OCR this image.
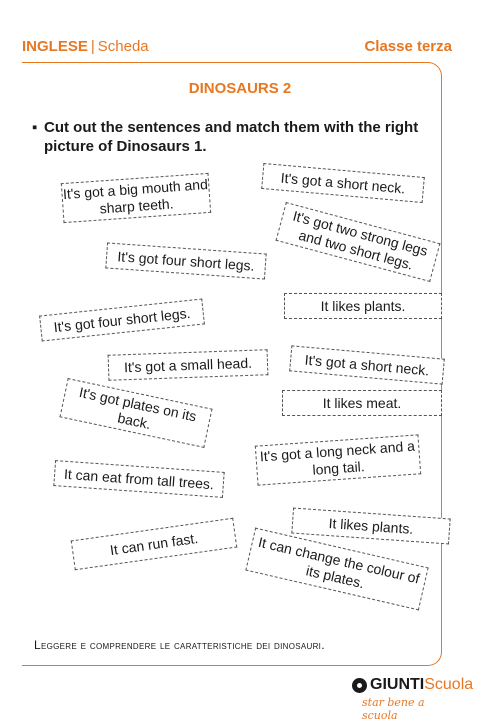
INGLESE | Scheda	Classe terza
DINOSAURS 2
▪ Cut out the sentences and match them with the right picture of Dinosaurs 1.
It's got a big mouth and sharp teeth.
It's got a short neck.
It's got two strong legs and two short legs.
It's got four short legs.
It likes plants.
It's got four short legs.
It's got a small head.	It's got a short neck.
It likes meat.
It's got plates on its back.
It's got a long neck and a long tail.
It can eat from tall trees.
It likes plants.
It can run fast.	It can change the colour of its plates.
Leggere e comprendere le caratteristiche dei dinosauri.
GIUNTIScuola
star bene a scuola
